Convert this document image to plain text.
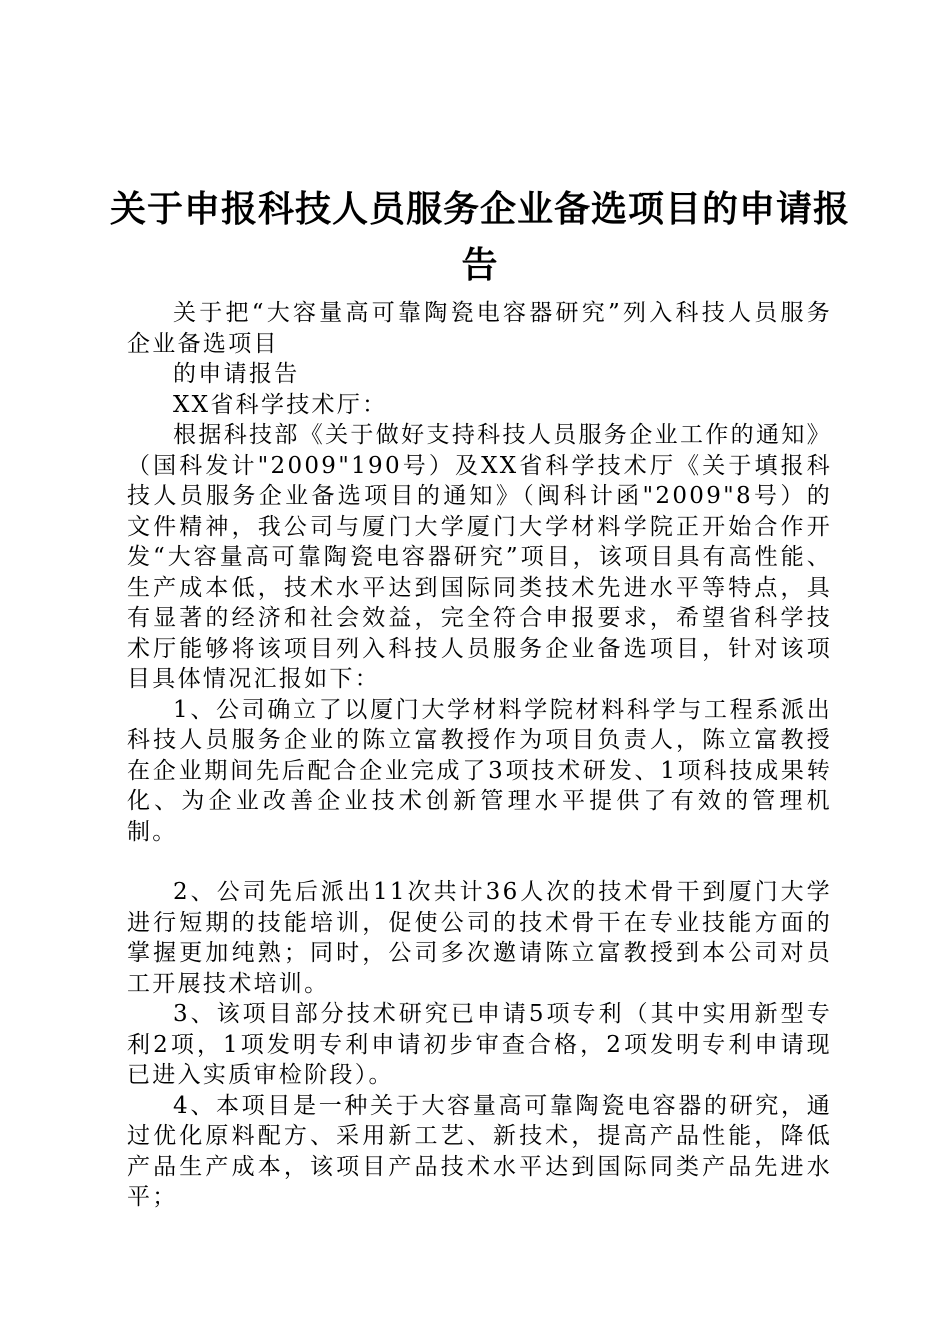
关于申报科技人员服务企业备选项目的申请报告

关于把“大容量高可靠陶瓷电容器研究”列入科技人员服务企业备选项目

的申请报告

XX省科学技术厅：

根据科技部《关于做好支持科技人员服务企业工作的通知》（国科发计"2009"190号）及XX省科学技术厅《关于填报科技人员服务企业备选项目的通知》（闽科计函"2009"8号）的文件精神，我公司与厦门大学厦门大学材料学院正开始合作开发“大容量高可靠陶瓷电容器研究”项目，该项目具有高性能、生产成本低，技术水平达到国际同类技术先进水平等特点，具有显著的经济和社会效益，完全符合申报要求，希望省科学技术厅能够将该项目列入科技人员服务企业备选项目，针对该项目具体情况汇报如下：

1、公司确立了以厦门大学材料学院材料科学与工程系派出科技人员服务企业的陈立富教授作为项目负责人，陈立富教授在企业期间先后配合企业完成了3项技术研发、1项科技成果转化、为企业改善企业技术创新管理水平提供了有效的管理机制。

2、公司先后派出11次共计36人次的技术骨干到厦门大学进行短期的技能培训，促使公司的技术骨干在专业技能方面的掌握更加纯熟；同时，公司多次邀请陈立富教授到本公司对员工开展技术培训。

3、该项目部分技术研究已申请5项专利（其中实用新型专利2项，1项发明专利申请初步审查合格，2项发明专利申请现已进入实质审检阶段）。

4、本项目是一种关于大容量高可靠陶瓷电容器的研究，通过优化原料配方、采用新工艺、新技术，提高产品性能，降低产品生产成本，该项目产品技术水平达到国际同类产品先进水平；
